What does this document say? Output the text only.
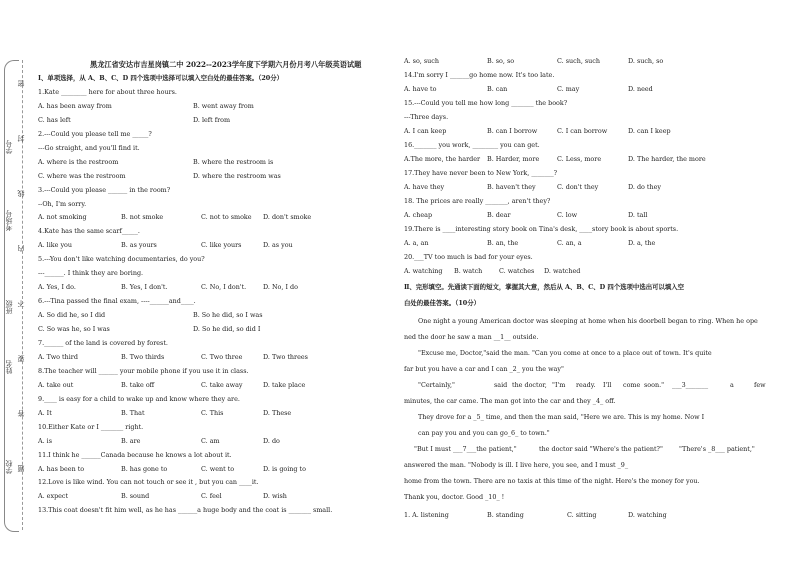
学号
考场号
班级
姓名
学校
密
封
线
内
不
要
答
题
黑龙江省安达市吉星岗镇二中 2022--2023学年度下学期六月份月考八年级英语试题
Ⅰ、单项选择，从 A、B、C、D 四个选项中选择可以填入空白处的最佳答案。（20分）
1.Kate ________ here for about three hours.
A. has been away from	B. went away from
C. has left	D. left from
2.---Could you please tell me _____?
---Go straight, and you'll find it.
A. where is the restroom	B. where the restroom is
C. where was the restroom	D. where the restroom was
3.---Could you please ______ in the room?
--Oh, I'm sorry.
A. not smoking	B. not smoke	C. not to smoke D. don't smoke
4.Kate has the same scarf_____.
A. like you	B. as yours	C. like yours	D. as you
5.---You don't like watching documentaries, do you?
---______. I think they are boring.
A. Yes, I do.	B. Yes, I don't.	C. No, I don't.	D. No, I do
6.---Tina passed the final exam, ----______and____.
A. So did he, so I did	B. So he did, so I was
C. So was he, so I was	D. So he did, so did I
7.______ of the land is covered by forest.
A. Two third	B. Two thirds	C. Two three	D. Two threes
8.The teacher will ______ your mobile phone if you use it in class.
A. take out	B. take off	C. take away	D. take place
9.____ is easy for a child to wake up and know where they are.
A. It	B. That	C. This	D. These
10.Either Kate or I _______ right.
A. is	B. are	C. am	D. do
11.I think he ______Canada because he knows a lot about it.
A. has been to	B. has gone to	C. went to	D. is going to
12.Love is like wind. You can not touch or see it , but you can ____it.
A. expect	B. sound	C. feel	D. wish
13.This coat doesn't fit him well, as he has ______a huge body and the coat is _______ small.
A. so, such	B. so, so	C. such, such	D. such, so
14.I'm sorry I ______go home now. It's too late.
A. have to	B. can	C. may	D. need
15.---Could you tell me how long _______ the book?
---Three days.
A. I can keep	B. can I borrow	C. I can borrow	D. can I keep
16._______ you work, ________ you can get.
A.The more, the harder B. Harder, more	C. Less, more	D. The harder, the more
17.They have never been to New York, _______?
A. have they	B. haven't they	C. don't they	D. do they
18. The prices are really _______, aren't they?
A. cheap	B. dear	C. low	D. tall
19.There is ____interesting story book on Tina's desk, ____story book is about sports.
A. a, an	B. an, the	C. an, a	D. a, the
20.___TV too much is bad for your eyes.
A. watching B. watch	C. watches D. watched
Ⅱ、完形填空。先通读下面的短文，掌握其大意，然后从 A、B、C、D 四个选项中选出可以填入空
白处的最佳答案。（10分）
One night a young American doctor was sleeping at home when his doorbell began to ring. When he ope
ned the door he saw a man __1__ outside.
"Excuse me, Doctor,"said the man. "Can you come at once to a place out of town. It's quite
far but you have a car and I can _2_ you the way"
"Certainly,"	said the doctor, "I'm ready. I'll come soon." ___3_______	a	few
minutes, the car came. The man got into the car and they _4_ off.
They drove for a _5_ time, and then the man said, "Here we are. This is my home. Now I
can pay you and you can go_6_ to town."
"But I must ___7___the patient,"	the doctor said "Where's the patient?"	"There's _8___ patient,"
answered the man. "Nobody is ill. I live here, you see, and I must _9_
home from the town. There are no taxis at this time of the night. Here's the money for you.
Thank you, doctor. Good _10_ !
1. A. listening	B. standing	C. sitting	D. watching
